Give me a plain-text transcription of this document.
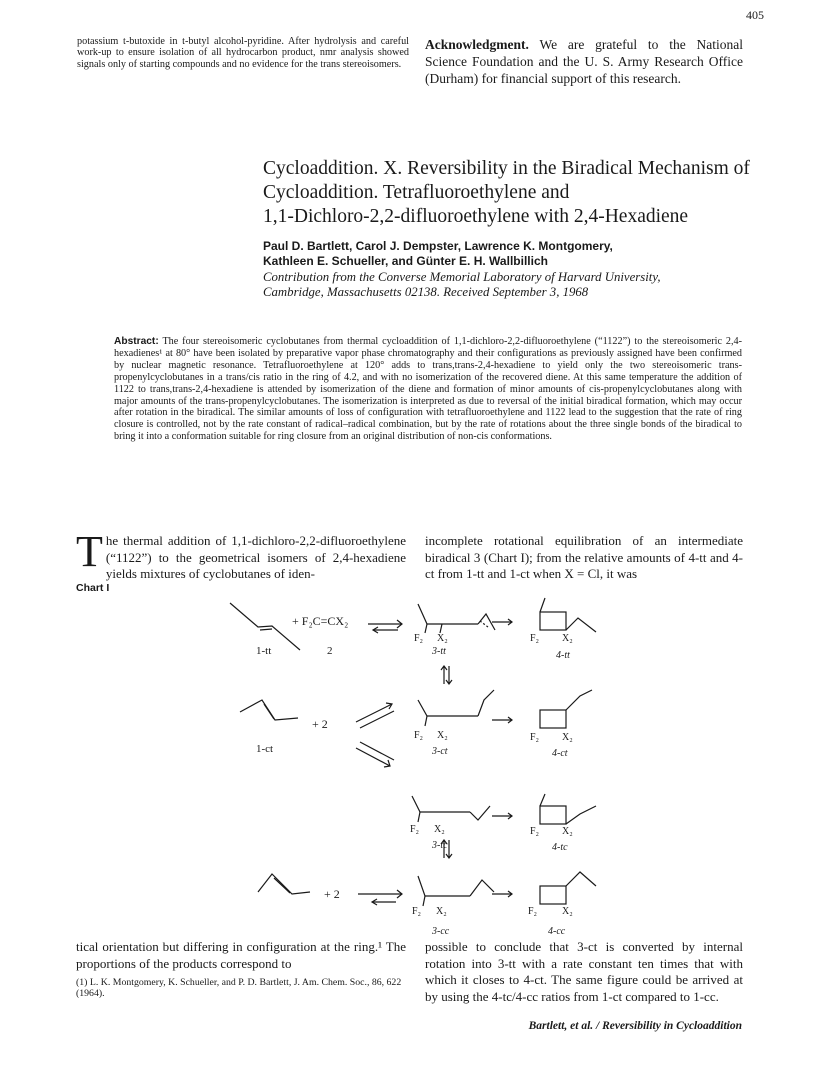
405
potassium t-butoxide in t-butyl alcohol-pyridine. After hydrolysis and careful work-up to ensure isolation of all hydrocarbon product, nmr analysis showed signals only of starting compounds and no evidence for the trans stereoisomers.
Acknowledgment. We are grateful to the National Science Foundation and the U. S. Army Research Office (Durham) for financial support of this research.
Cycloaddition. X. Reversibility in the Biradical Mechanism of
Cycloaddition. Tetrafluoroethylene and
1,1-Dichloro-2,2-difluoroethylene with 2,4-Hexadiene
Paul D. Bartlett, Carol J. Dempster, Lawrence K. Montgomery,
Kathleen E. Schueller, and Günter E. H. Wallbillich
Contribution from the Converse Memorial Laboratory of Harvard University,
Cambridge, Massachusetts 02138. Received September 3, 1968
Abstract: The four stereoisomeric cyclobutanes from thermal cycloaddition of 1,1-dichloro-2,2-difluoroethylene (“1122”) to the stereoisomeric 2,4-hexadienes¹ at 80° have been isolated by preparative vapor phase chromatography and their configurations as previously assigned have been confirmed by nuclear magnetic resonance. Tetrafluoroethylene at 120° adds to trans,trans-2,4-hexadiene to yield only the two stereoisomeric trans-propenylcyclobutanes in a trans/cis ratio in the ring of 4.2, and with no isomerization of the recovered diene. At this same temperature the addition of 1122 to trans,trans-2,4-hexadiene is attended by isomerization of the diene and formation of minor amounts of cis-propenylcyclobutanes along with major amounts of the trans-propenylcyclobutanes. The isomerization is interpreted as due to reversal of the initial biradical formation, which may occur after rotation in the biradical. The similar amounts of loss of configuration with tetrafluoroethylene and 1122 lead to the suggestion that the rate of ring closure is controlled, not by the rate constant of radical–radical combination, but by the rate of rotations about the three single bonds of the biradical to bring it into a conformation suitable for ring closure from an original distribution of non-cis conformations.
The thermal addition of 1,1-dichloro-2,2-difluoroethylene (“1122”) to the geometrical isomers of 2,4-hexadiene yields mixtures of cyclobutanes of iden-
incomplete rotational equilibration of an intermediate biradical 3 (Chart I); from the relative amounts of 4-tt and 4-ct from 1-tt and 1-ct when X = Cl, it was
Chart I
+ F₂C=CX₂
1-tt	2
F₂ X₂
3-tt
F₂ X₂
4-tt
F₂ X₂
3-ct
F₂ X₂
4-ct
+ 2
1-ct
F₂ X₂
3-tc
F₂ X₂
4-tc
+ 2
F₂ X₂
3-cc
F₂ X₂
4-cc
tical orientation but differing in configuration at the ring.¹ The proportions of the products correspond to
possible to conclude that 3-ct is converted by internal rotation into 3-tt with a rate constant ten times that with which it closes to 4-ct. The same figure could be arrived at by using the 4-tc/4-cc ratios from 1-ct compared to 1-cc.
(1) L. K. Montgomery, K. Schueller, and P. D. Bartlett, J. Am. Chem. Soc., 86, 622 (1964).
Bartlett, et al. / Reversibility in Cycloaddition
